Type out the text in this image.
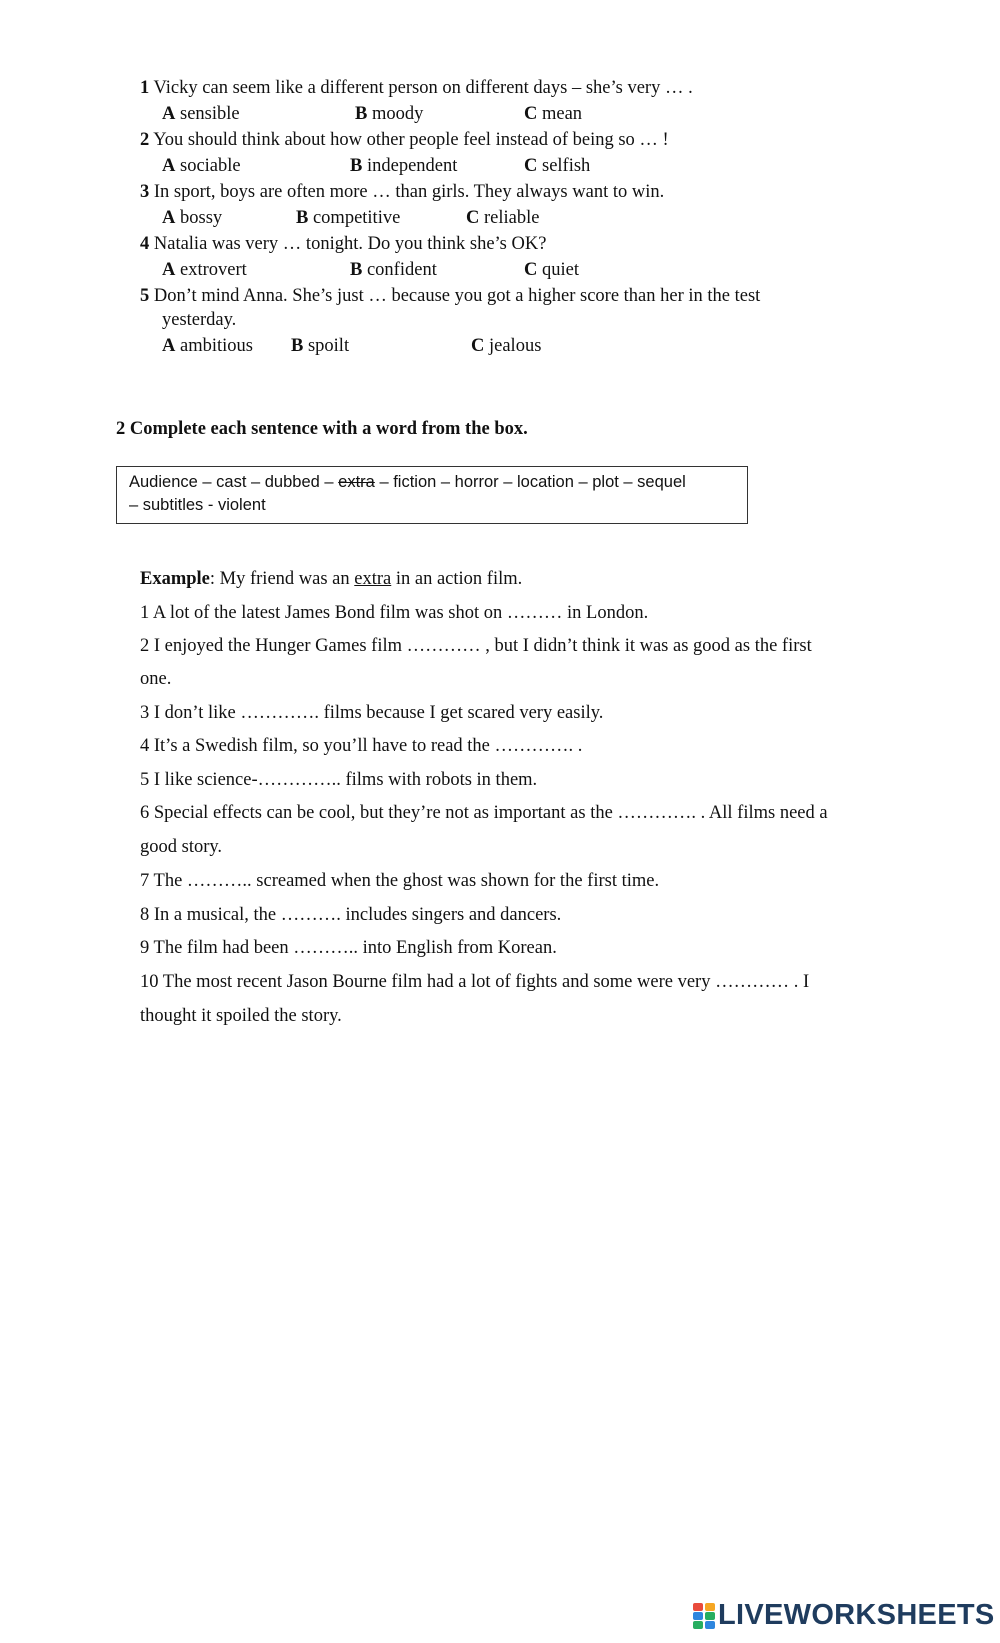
1 Vicky can seem like a different person on different days – she’s very … .
A sensible	B moody	C mean
2 You should think about how other people feel instead of being so … !
A sociable	B independent	C selfish
3 In sport, boys are often more … than girls. They always want to win.
A bossy	B competitive	C reliable
4 Natalia was very … tonight. Do you think she’s OK?
A extrovert	B confident	C quiet
5 Don’t mind Anna. She’s just … because you got a higher score than her in the test
yesterday.
A ambitious B spoilt	C jealous
2 Complete each sentence with a word from the box.
Audience – cast – dubbed – extra – fiction – horror – location – plot – sequel
– subtitles - violent
Example: My friend was an extra in an action film.
1 A lot of the latest James Bond film was shot on ……… in London.
2 I enjoyed the Hunger Games film ………… , but I didn’t think it was as good as the first
one.
3 I don’t like …………. films because I get scared very easily.
4 It’s a Swedish film, so you’ll have to read the …………. .
5 I like science-………….. films with robots in them.
6 Special effects can be cool, but they’re not as important as the …………. . All films need a
good story.
7 The ……….. screamed when the ghost was shown for the first time.
8 In a musical, the ………. includes singers and dancers.
9 The film had been ……….. into English from Korean.
10 The most recent Jason Bourne film had a lot of fights and some were very ………… . I
thought it spoiled the story.
LIVEWORKSHEETS
